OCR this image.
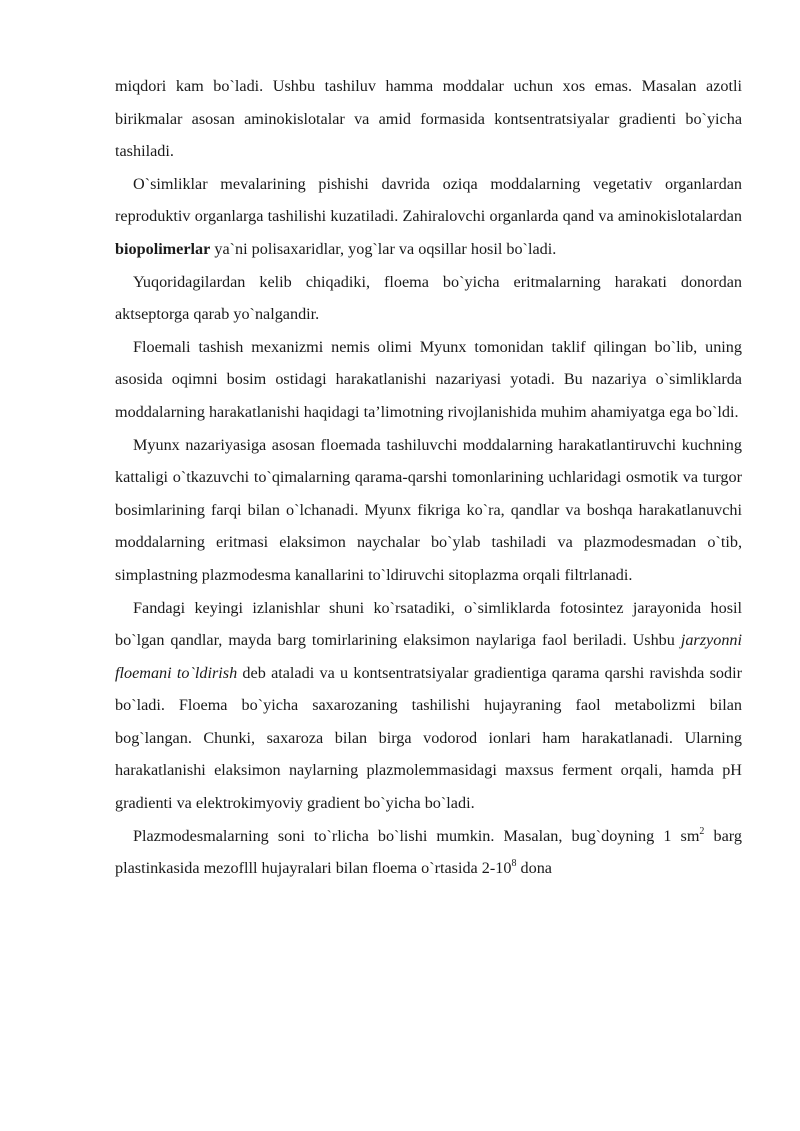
miqdori kam bo`ladi. Ushbu tashiluv hamma moddalar uchun xos emas. Masalan azotli birikmalar asosan aminokislotalar va amid formasida kontsentratsiyalar gradienti bo`yicha tashiladi.

O`simliklar mevalarining pishishi davrida oziqa moddalarning vegetativ organlardan reproduktiv organlarga tashilishi kuzatiladi. Zahiralovchi organlarda qand va aminokislotalardan biopolimerlar ya`ni polisaxaridlar, yog`lar va oqsillar hosil bo`ladi.

Yuqoridagilardan kelib chiqadiki, floema bo`yicha eritmalarning harakati donordan aktseptorga qarab yo`nalgandir.

Floemali tashish mexanizmi nemis olimi Myunx tomonidan taklif qilingan bo`lib, uning asosida oqimni bosim ostidagi harakatlanishi nazariyasi yotadi. Bu nazariya o`simliklarda moddalarning harakatlanishi haqidagi ta’limotning rivojlanishida muhim ahamiyatga ega bo`ldi.

Myunx nazariyasiga asosan floemada tashiluvchi moddalarning harakatlantiruvchi kuchning kattaligi o`tkazuvchi to`qimalarning qarama-qarshi tomonlarining uchlaridagi osmotik va turgor bosimlarining farqi bilan o`lchanadi. Myunx fikriga ko`ra, qandlar va boshqa harakatlanuvchi moddalarning eritmasi elaksimon naychalar bo`ylab tashiladi va plazmodesmadan o`tib, simplastning plazmodesma kanallarini to`ldiruvchi sitoplazma orqali filtrlanadi.

Fandagi keyingi izlanishlar shuni ko`rsatadiki, o`simliklarda fotosintez jarayonida hosil bo`lgan qandlar, mayda barg tomirlarining elaksimon naylariga faol beriladi. Ushbu jarzyonni floemani to`ldirish deb ataladi va u kontsentratsiyalar gradientiga qarama qarshi ravishda sodir bo`ladi. Floema bo`yicha saxarozaning tashilishi hujayraning faol metabolizmi bilan bog`langan. Chunki, saxaroza bilan birga vodorod ionlari ham harakatlanadi. Ularning harakatlanishi elaksimon naylarning plazmolemmasidagi maxsus ferment orqali, hamda pH gradienti va elektrokimyoviy gradient bo`yicha bo`ladi.

Plazmodesmalarning soni to`rlicha bo`lishi mumkin. Masalan, bug`doyning 1 $sm^2$ barg plastinkasida mezoflll hujayralari bilan floema o`rtasida $2-10^8$ dona
